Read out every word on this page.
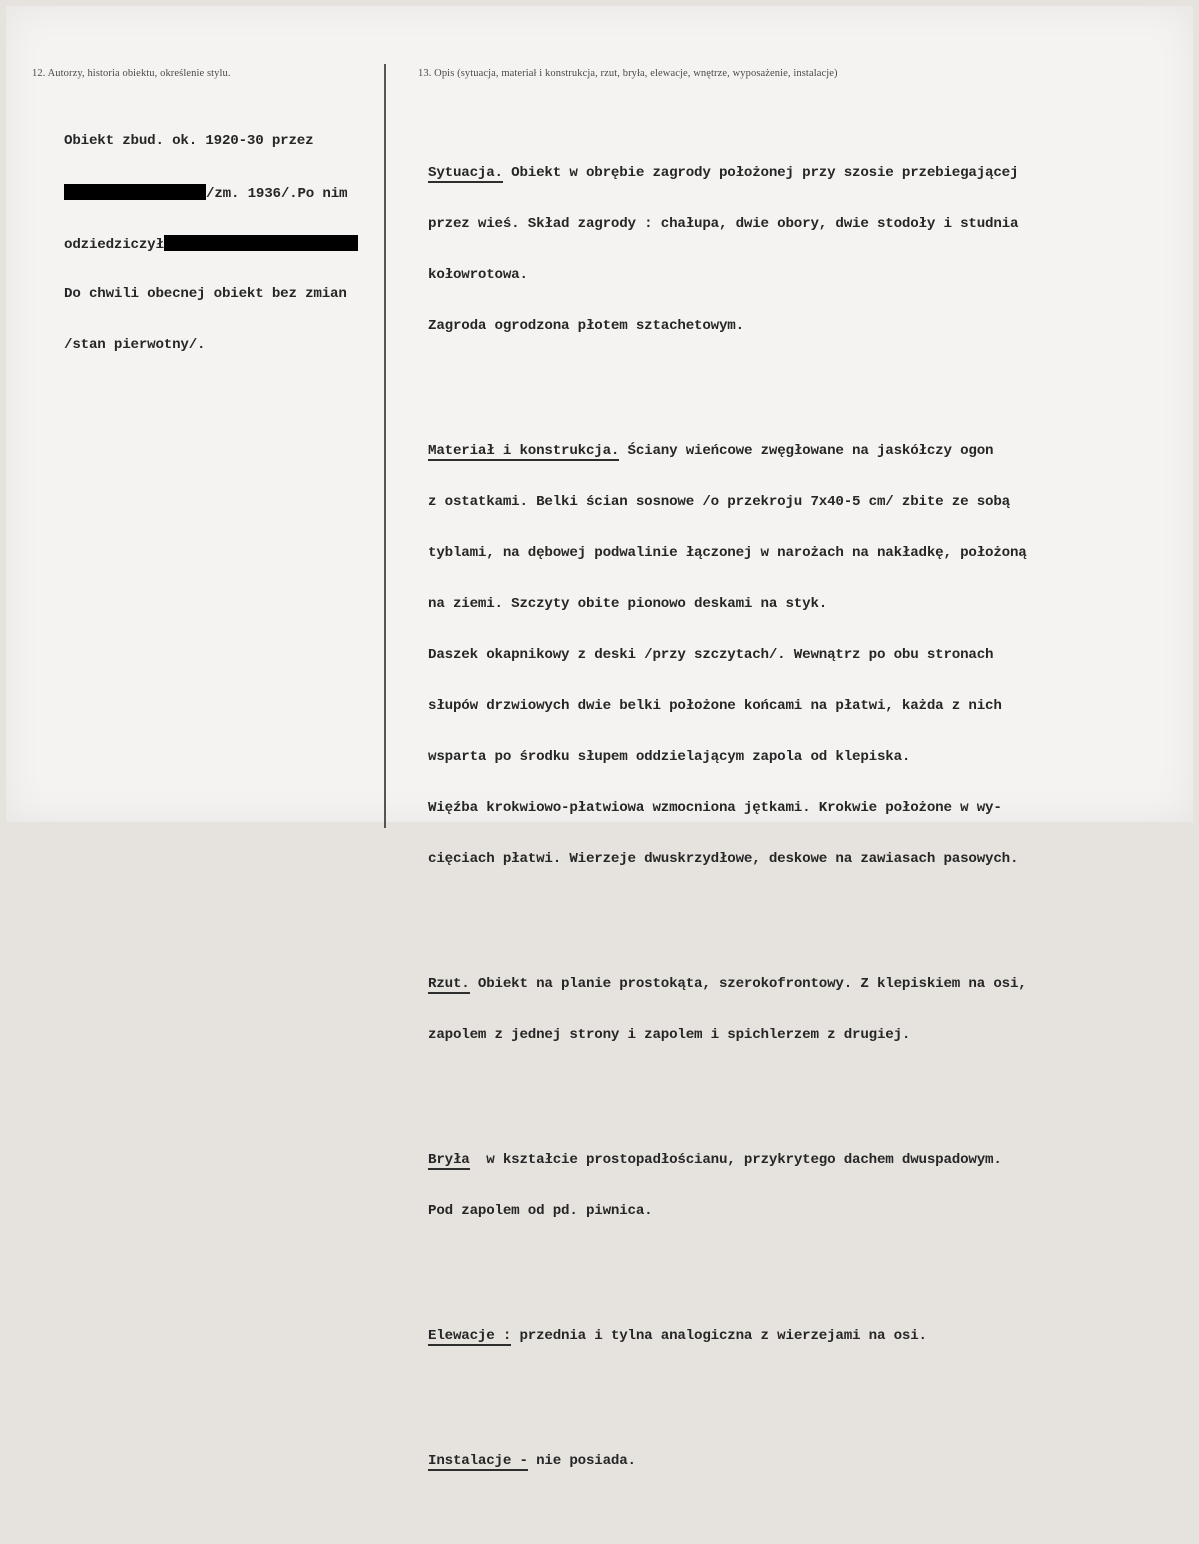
12. Autorzy, historia obiektu, określenie stylu.	13. Opis (sytuacja, materiał i konstrukcja, rzut, bryła, elewacje, wnętrze, wyposażenie, instalacje)

Obiekt zbud. ok. 1920-30 przez

/zm. 1936/.Po nim

odziedziczył

Do chwili obecnej obiekt bez zmian

/stan pierwotny/.

Sytuacja. Obiekt w obrębie zagrody położonej przy szosie przebiegającej

przez wieś. Skład zagrody : chałupa, dwie obory, dwie stodoły i studnia

kołowrotowa.

Zagroda ogrodzona płotem sztachetowym.

Materiał i konstrukcja. Ściany wieńcowe zwęgłowane na jaskółczy ogon

z ostatkami. Belki ścian sosnowe /o przekroju 7x40-5 cm/ zbite ze sobą

tyblami, na dębowej podwalinie łączonej w narożach na nakładkę, położoną

na ziemi. Szczyty obite pionowo deskami na styk.

Daszek okapnikowy z deski /przy szczytach/. Wewnątrz po obu stronach

słupów drzwiowych dwie belki położone końcami na płatwi, każda z nich

wsparta po środku słupem oddzielającym zapola od klepiska.

Więźba krokwiowo-płatwiowa wzmocniona jętkami. Krokwie położone w wy-

cięciach płatwi. Wierzeje dwuskrzydłowe, deskowe na zawiasach pasowych.

Rzut. Obiekt na planie prostokąta, szerokofrontowy. Z klepiskiem na osi,

zapolem z jednej strony i zapolem i spichlerzem z drugiej.

Bryła  w kształcie prostopadłościanu, przykrytego dachem dwuspadowym.

Pod zapolem od pd. piwnica.

Elewacje : przednia i tylna analogiczna z wierzejami na osi.

Instalacje - nie posiada.
